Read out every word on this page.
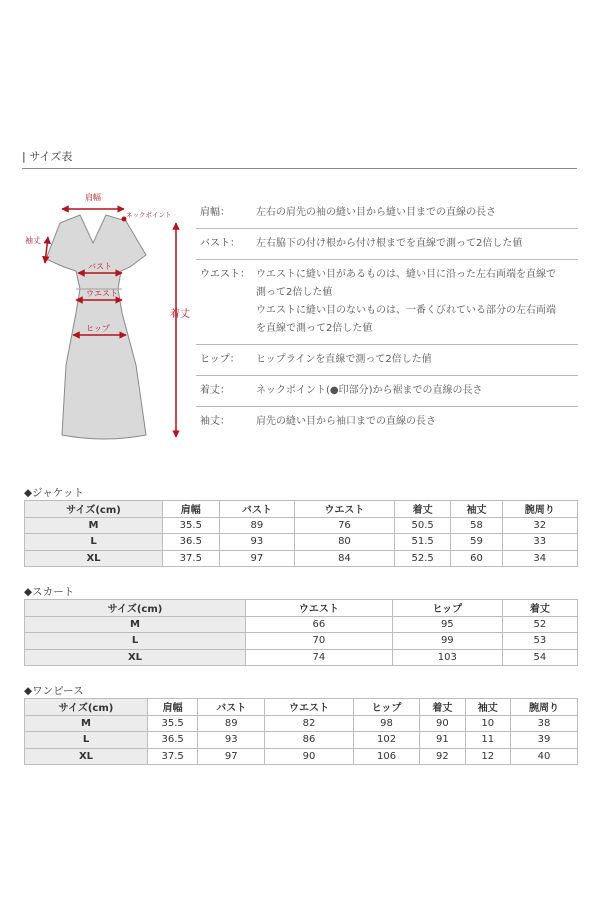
| サイズ表
肩幅
袖丈
ネックポイント
バスト
ウエスト
ヒップ
着丈
肩幅：	左右の肩先の袖の縫い目から縫い目までの直線の長さ
バスト：	左右脇下の付け根から付け根までを直線で測って2倍した値
ウエスト： ウエストに縫い目があるものは、縫い目に沿った左右両端を直線で
測って2倍した値
ウエストに縫い目のないものは、一番くびれている部分の左右両端
を直線で測って2倍した値
ヒップ：	ヒップラインを直線で測って2倍した値
着丈：	ネックポイント(●印部分)から裾までの直線の長さ
袖丈：	肩先の縫い目から袖口までの直線の長さ
◆ジャケット
サイズ(cm)	肩幅	バスト	ウエスト	着丈	袖丈	腕周り
M	35.5	89	76	50.5	58	32
L	36.5	93	80	51.5	59	33
XL	37.5	97	84	52.5	60	34
◆スカート
サイズ(cm)	ウエスト	ヒップ	着丈
M	66	95	52
L	70	99	53
XL	74	103	54
◆ワンピース
サイズ(cm)	肩幅	バスト	ウエスト	ヒップ	着丈	袖丈	腕周り
M	35.5	89	82	98	90	10	38
L	36.5	93	86	102	91	11	39
XL	37.5	97	90	106	92	12	40
